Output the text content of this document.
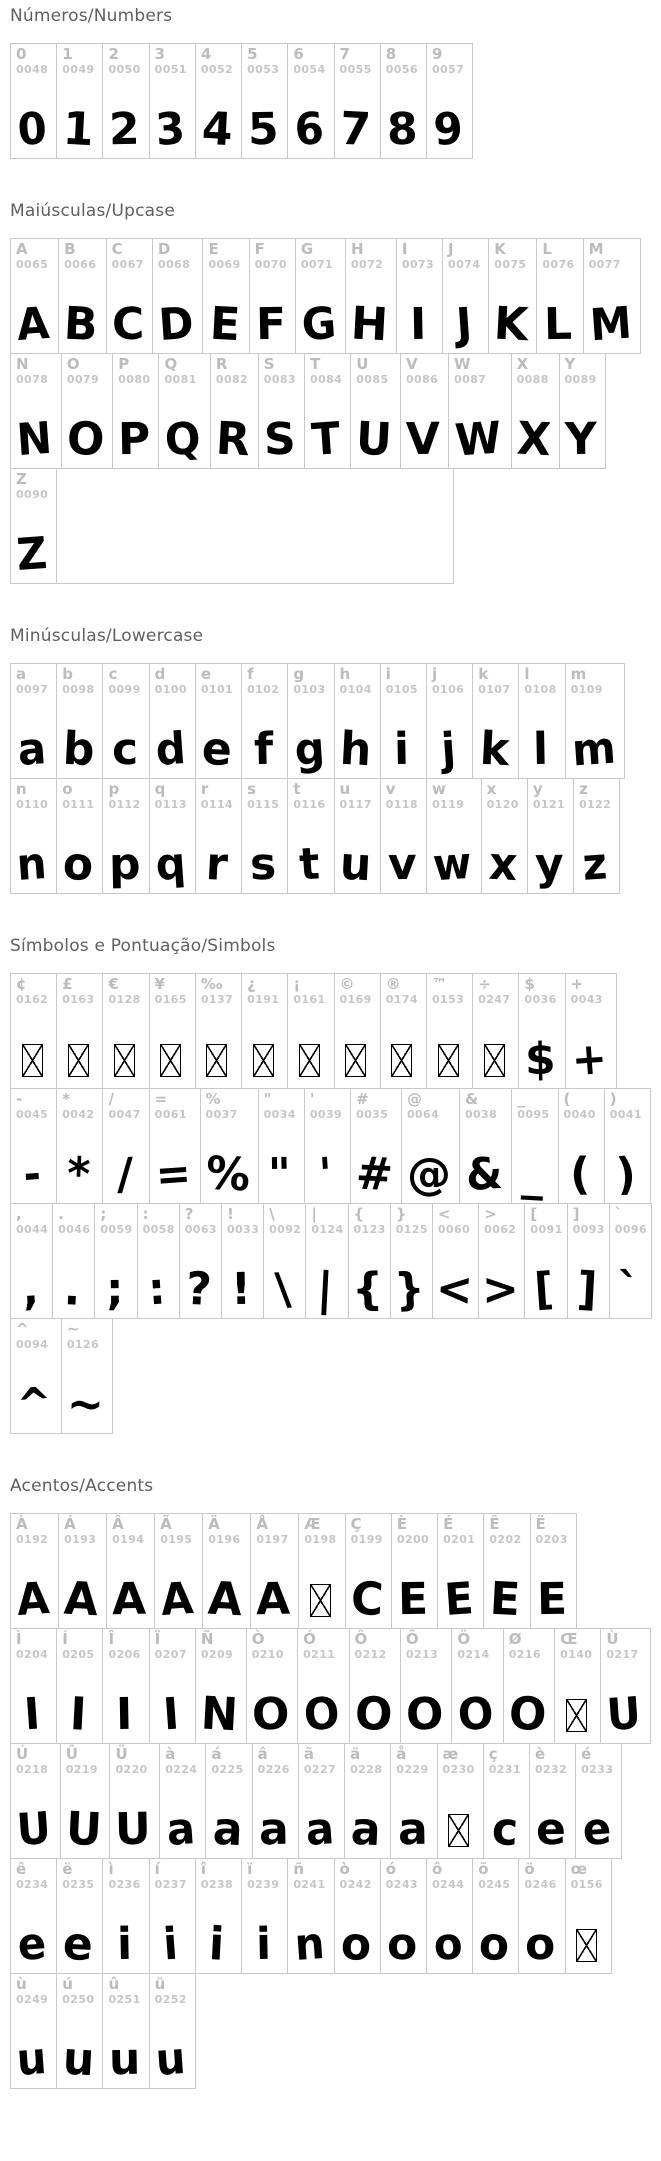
Números/Numbers
0
0048
0
1
0049
1
2
0050
2
3
0051
3
4
0052
4
5
0053
5
6
0054
6
7
0055
7
8
0056
8
9
0057
9
Maiúsculas/Upcase
A
0065
A
B
0066
B
C
0067
C
D
0068
D
E
0069
E
F
0070
F
G
0071
G
H
0072
H
I
0073
I
J
0074
J
K
0075
K
L
0076
L
M
0077
M
N
0078
N
O
0079
O
P
0080
P
Q
0081
Q
R
0082
R
S
0083
S
T
0084
T
U
0085
U
V
0086
V
W
0087
W
X
0088
X
Y
0089
Y
Z
0090
Z
Minúsculas/Lowercase
a
0097
a
b
0098
b
c
0099
c
d
0100
d
e
0101
e
f
0102
f
g
0103
g
h
0104
h
i
0105
i
j
0106
j
k
0107
k
l
0108
l
m
0109
m
n
0110
n
o
0111
o
p
0112
p
q
0113
q
r
0114
r
s
0115
s
t
0116
t
u
0117
u
v
0118
v
w
0119
w
x
0120
x
y
0121
y
z
0122
z
Símbolos e Pontuação/Simbols
¢
0162
£
0163
€
0128
¥
0165
‰
0137
¿
0191
¡
0161
©
0169
®
0174
™
0153
÷
0247
$
0036
$
+
0043
+
-
0045
-
*
0042
*
/
0047
/
=
0061
=
%
0037
%
"
0034
"
'
0039
'
#
0035
#
@
0064
@
&
0038
&
_
0095
_
(
0040
(
)
0041
)
,
0044
,
.
0046
.
;
0059
;
:
0058
:
?
0063
?
!
0033
!
\
0092
\
|
0124
|
{
0123
{
}
0125
}
<
0060
<
>
0062
>
[
0091
[
]
0093
]
`
0096
`
^
0094
^
~
0126
~
Acentos/Accents
À
0192
A
Á
0193
A
Â
0194
A
Ã
0195
A
Ä
0196
A
Å
0197
A
Æ
0198
Ç
0199
C
È
0200
E
É
0201
E
Ê
0202
E
Ë
0203
E
Ì
0204
I
Í
0205
I
Î
0206
I
Ï
0207
I
Ñ
0209
N
Ò
0210
O
Ó
0211
O
Ô
0212
O
Õ
0213
O
Ö
0214
O
Ø
0216
O
Œ
0140
Ù
0217
U
Ú
0218
U
Û
0219
U
Ü
0220
U
à
0224
a
á
0225
a
â
0226
a
ã
0227
a
ä
0228
a
å
0229
a
æ
0230
ç
0231
c
è
0232
e
é
0233
e
ê
0234
e
ë
0235
e
ì
0236
i
í
0237
i
î
0238
i
ï
0239
i
ñ
0241
n
ò
0242
o
ó
0243
o
ô
0244
o
õ
0245
o
ö
0246
o
œ
0156
ù
0249
u
ú
0250
u
û
0251
u
ü
0252
u
